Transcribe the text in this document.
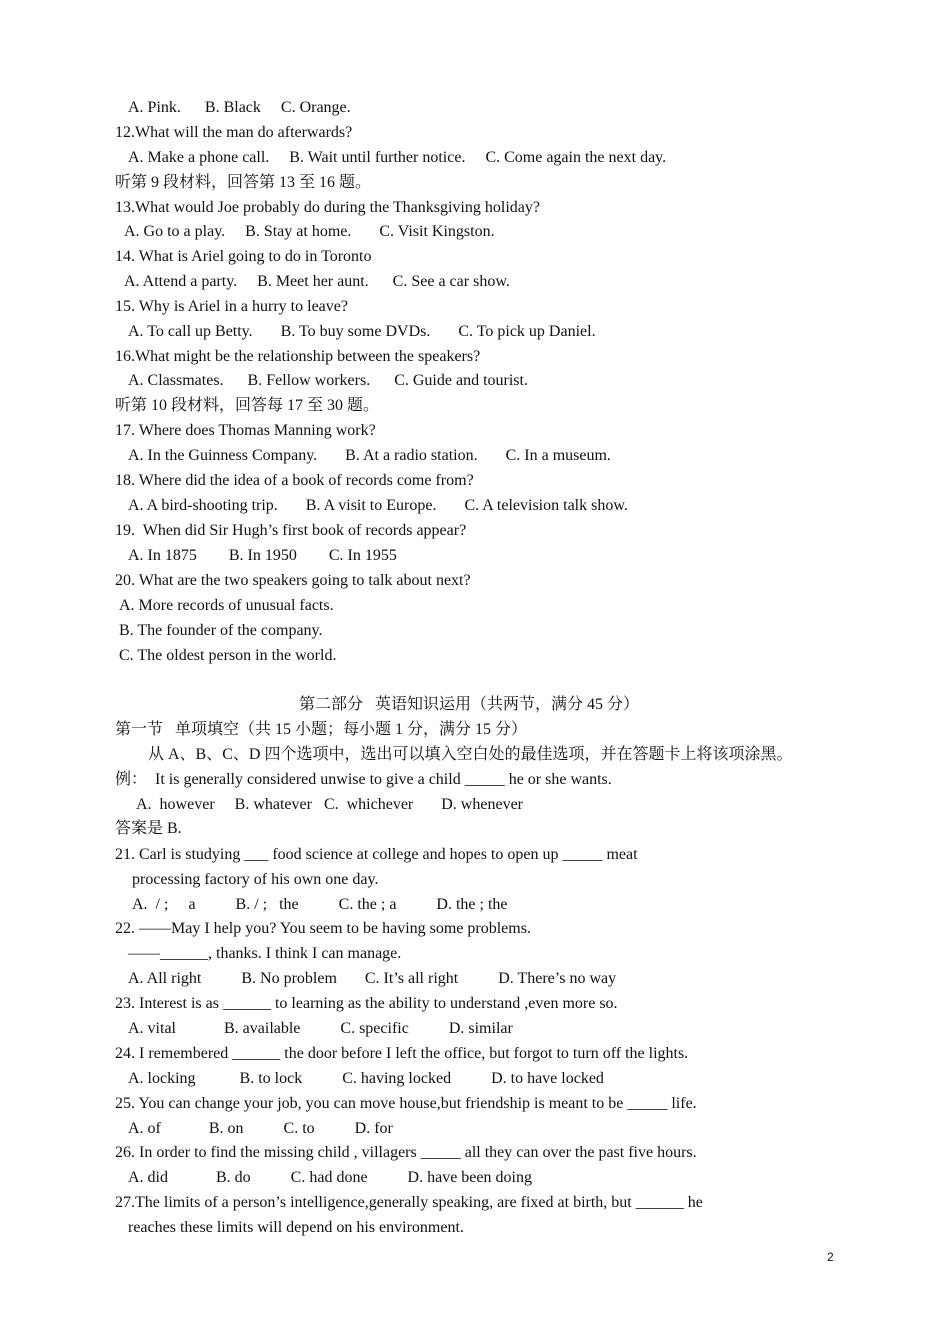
A. Pink.      B. Black     C. Orange.
12.What will the man do afterwards?
A. Make a phone call.     B. Wait until further notice.     C. Come again the next day.
听第 9 段材料，回答第 13 至 16 题。
13.What would Joe probably do during the Thanksgiving holiday?
A. Go to a play.     B. Stay at home.       C. Visit Kingston.
14. What is Ariel going to do in Toronto
A. Attend a party.     B. Meet her aunt.      C. See a car show.
15. Why is Ariel in a hurry to leave?
A. To call up Betty.       B. To buy some DVDs.       C. To pick up Daniel.
16.What might be the relationship between the speakers?
A. Classmates.      B. Fellow workers.      C. Guide and tourist.
听第 10 段材料，回答每 17 至 30 题。
17. Where does Thomas Manning work?
A. In the Guinness Company.       B. At a radio station.       C. In a museum.
18. Where did the idea of a book of records come from?
A. A bird-shooting trip.       B. A visit to Europe.       C. A television talk show.
19.  When did Sir Hugh’s first book of records appear?
A. In 1875        B. In 1950        C. In 1955
20. What are the two speakers going to talk about next?
A. More records of unusual facts.
B. The founder of the company.
C. The oldest person in the world.
第二部分   英语知识运用（共两节，满分 45 分）
第一节   单项填空（共 15 小题；每小题 1 分，满分 15 分）
从 A、B、C、D 四个选项中，选出可以填入空白处的最佳选项，并在答题卡上将该项涂黑。
例：  It is generally considered unwise to give a child _____ he or she wants.
A.  however     B. whatever   C.  whichever       D. whenever
答案是 B.
21. Carl is studying ___ food science at college and hopes to open up _____ meat
processing factory of his own one day.
A.  / ;     a          B. / ;   the          C. the ; a          D. the ; the
22. ——May I help you? You seem to be having some problems.
——______, thanks. I think I can manage.
A. All right          B. No problem       C. It’s all right          D. There’s no way
23. Interest is as ______ to learning as the ability to understand ,even more so.
A. vital            B. available          C. specific          D. similar
24. I remembered ______ the door before I left the office, but forgot to turn off the lights.
A. locking           B. to lock          C. having locked          D. to have locked
25. You can change your job, you can move house,but friendship is meant to be _____ life.
A. of            B. on          C. to          D. for
26. In order to find the missing child , villagers _____ all they can over the past five hours.
A. did            B. do          C. had done          D. have been doing
27.The limits of a person’s intelligence,generally speaking, are fixed at birth, but ______ he
reaches these limits will depend on his environment.
2
